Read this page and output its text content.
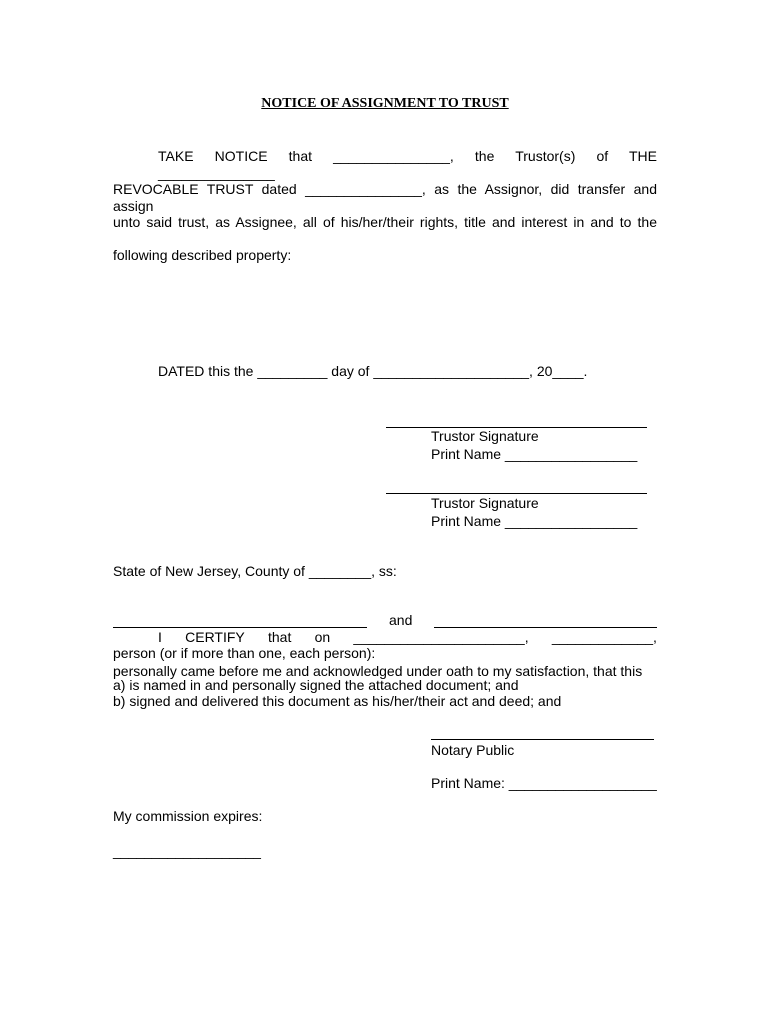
NOTICE OF ASSIGNMENT TO TRUST
TAKE NOTICE that _______________, the Trustor(s) of THE _______________
REVOCABLE TRUST dated _______________, as the Assignor, did transfer and assign
unto said trust, as Assignee, all of his/her/their rights, title and interest in and to the
following described property:
DATED this the _________ day of ____________________, 20____.
Trustor Signature
Print Name _________________
Trustor Signature
Print Name _________________
State of New Jersey, County of ________, ss:

I CERTIFY that on ______________________, _____________,

and

personally came before me and acknowledged under oath to my satisfaction, that this

person (or if more than one, each person):
a) is named in and personally signed the attached document; and
b) signed and delivered this document as his/her/their act and deed; and
Notary Public
Print Name: ___________________
My commission expires:
___________________
